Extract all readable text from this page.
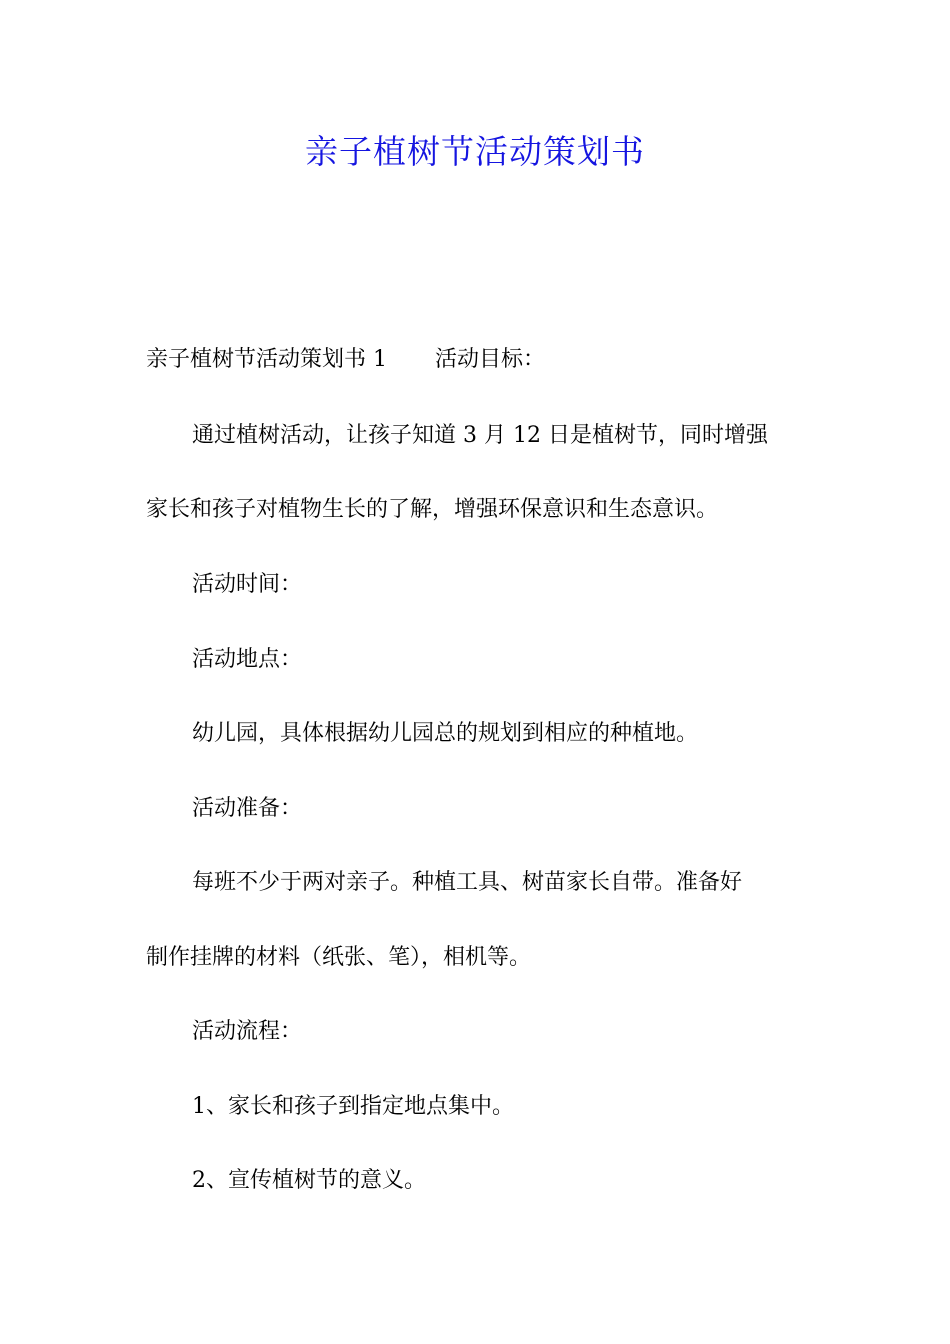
亲子植树节活动策划书
亲子植树节活动策划书 1 活动目标：
通过植树活动，让孩子知道 3 月 12 日是植树节，同时增强
家长和孩子对植物生长的了解，增强环保意识和生态意识。
活动时间：
活动地点：
幼儿园，具体根据幼儿园总的规划到相应的种植地。
活动准备：
每班不少于两对亲子。种植工具、树苗家长自带。准备好
制作挂牌的材料（纸张、笔），相机等。
活动流程：
1、家长和孩子到指定地点集中。
2、宣传植树节的意义。
